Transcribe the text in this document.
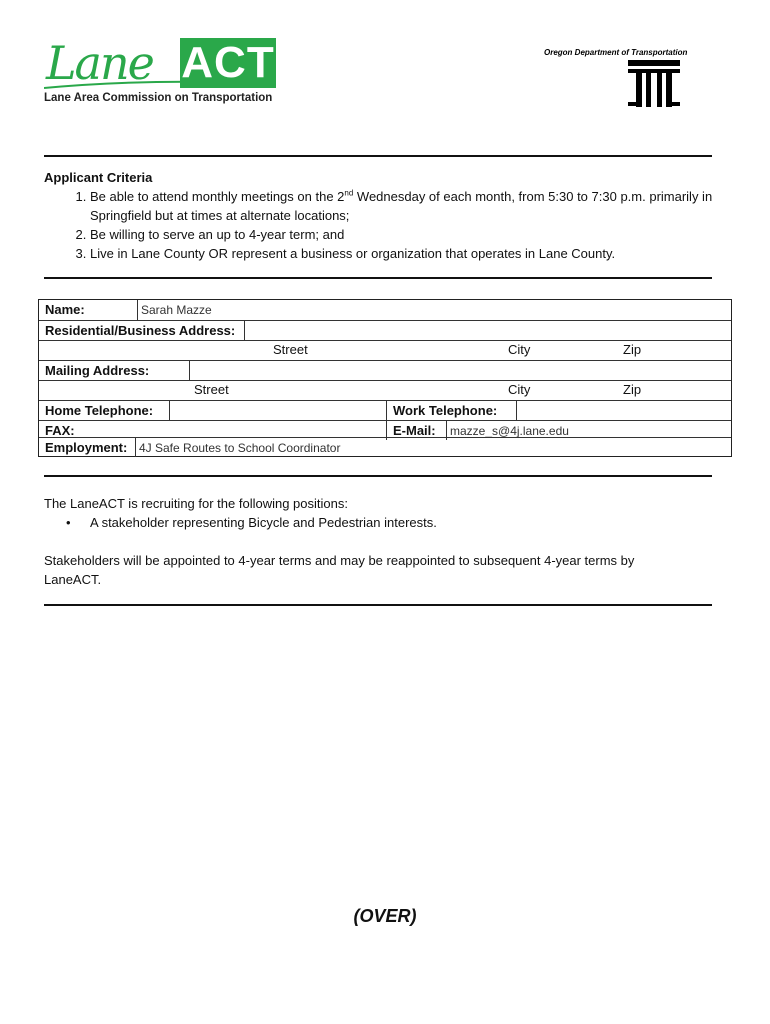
Lane ACT
Lane Area Commission on Transportation
Oregon Department of Transportation
Applicant Criteria
1. Be able to attend monthly meetings on the 2nd Wednesday of each month, from 5:30 to 7:30 p.m. primarily in Springfield but at times at alternate locations;
2. Be willing to serve an up to 4-year term; and
3. Live in Lane County OR represent a business or organization that operates in Lane County.
Name:	Sarah Mazze
Residential/Business Address:
Street	City	Zip
Mailing Address:
Street	City	Zip
Home Telephone:	Work Telephone:
FAX:	E-Mail:	mazze_s@4j.lane.edu
Employment: 4J Safe Routes to School Coordinator
The LaneACT is recruiting for the following positions:
• A stakeholder representing Bicycle and Pedestrian interests.
Stakeholders will be appointed to 4-year terms and may be reappointed to subsequent 4-year terms by LaneACT.
(OVER)
